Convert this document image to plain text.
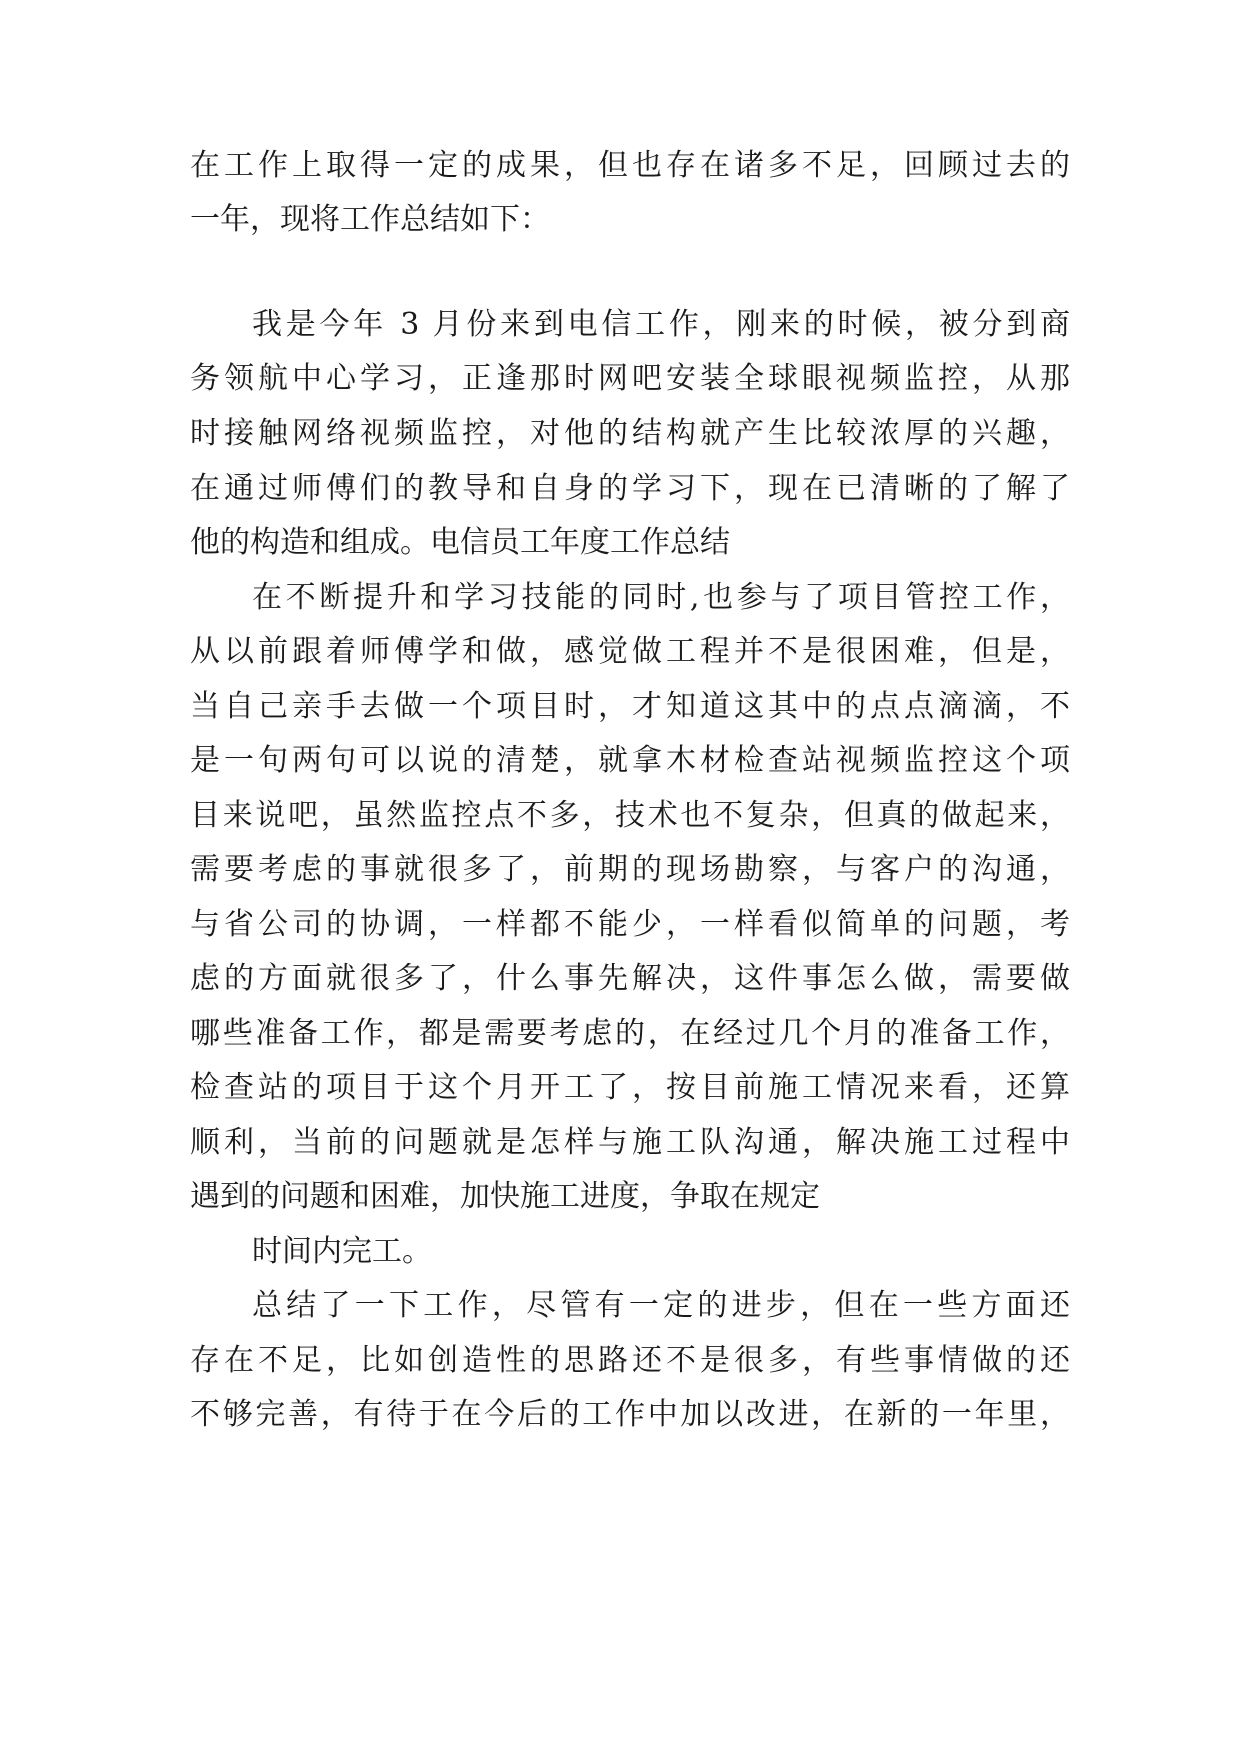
在工作上取得一定的成果，但也存在诸多不足，回顾过去的
一年，现将工作总结如下：
我是今年 3 月份来到电信工作，刚来的时候，被分到商
务领航中心学习，正逢那时网吧安装全球眼视频监控，从那
时接触网络视频监控，对他的结构就产生比较浓厚的兴趣，
在通过师傅们的教导和自身的学习下，现在已清晰的了解了
他的构造和组成。电信员工年度工作总结
在不断提升和学习技能的同时,也参与了项目管控工作，
从以前跟着师傅学和做，感觉做工程并不是很困难，但是，
当自己亲手去做一个项目时，才知道这其中的点点滴滴，不
是一句两句可以说的清楚，就拿木材检查站视频监控这个项
目来说吧，虽然监控点不多，技术也不复杂，但真的做起来，
需要考虑的事就很多了，前期的现场勘察，与客户的沟通，
与省公司的协调，一样都不能少，一样看似简单的问题，考
虑的方面就很多了，什么事先解决，这件事怎么做，需要做
哪些准备工作，都是需要考虑的，在经过几个月的准备工作，
检查站的项目于这个月开工了，按目前施工情况来看，还算
顺利，当前的问题就是怎样与施工队沟通，解决施工过程中
遇到的问题和困难，加快施工进度，争取在规定
时间内完工。
总结了一下工作，尽管有一定的进步，但在一些方面还
存在不足，比如创造性的思路还不是很多，有些事情做的还
不够完善，有待于在今后的工作中加以改进，在新的一年里，
